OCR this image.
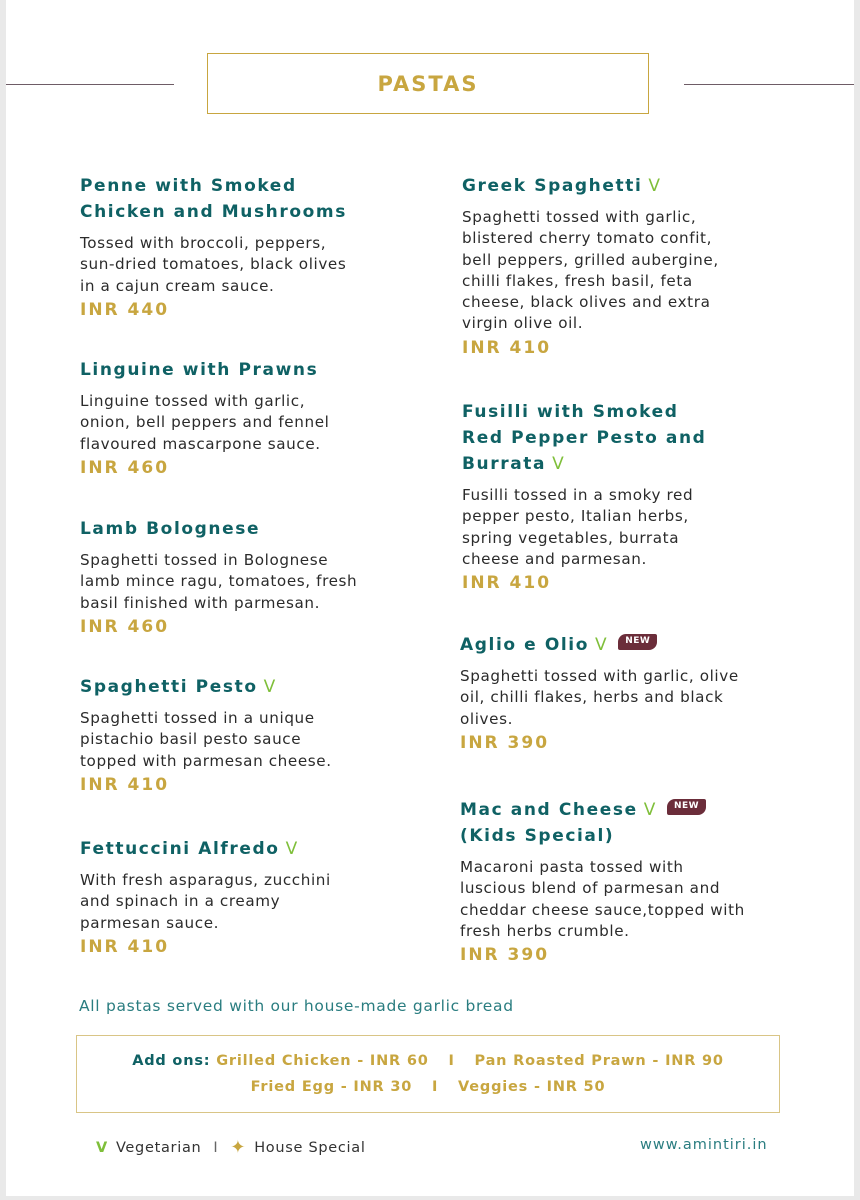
PASTAS
Penne with Smoked
Chicken and Mushrooms
Tossed with broccoli, peppers,
sun-dried tomatoes, black olives
in a cajun cream sauce.
INR 440
Linguine with Prawns
Linguine tossed with garlic,
onion, bell peppers and fennel
flavoured mascarpone sauce.
INR 460
Lamb Bolognese
Spaghetti tossed in Bolognese
lamb mince ragu, tomatoes, fresh
basil finished with parmesan.
INR 460
Spaghetti Pesto V
Spaghetti tossed in a unique
pistachio basil pesto sauce
topped with parmesan cheese.
INR 410
Fettuccini Alfredo V
With fresh asparagus, zucchini
and spinach in a creamy
parmesan sauce.
INR 410
Greek Spaghetti V
Spaghetti tossed with garlic,
blistered cherry tomato confit,
bell peppers, grilled aubergine,
chilli flakes, fresh basil, feta
cheese, black olives and extra
virgin olive oil.
INR 410
Fusilli with Smoked
Red Pepper Pesto and
Burrata V
Fusilli tossed in a smoky red
pepper pesto, Italian herbs,
spring vegetables, burrata
cheese and parmesan.
INR 410
Aglio e Olio V NEW
Spaghetti tossed with garlic, olive
oil, chilli flakes, herbs and black
olives.
INR 390
Mac and Cheese V NEW
(Kids Special)
Macaroni pasta tossed with
luscious blend of parmesan and
cheddar cheese sauce,topped with
fresh herbs crumble.
INR 390
All pastas served with our house-made garlic bread
Add ons: Grilled Chicken - INR 60 I Pan Roasted Prawn - INR 90
Fried Egg - INR 30 I Veggies - INR 50
V Vegetarian I ✦ House Special	www.amintiri.in
